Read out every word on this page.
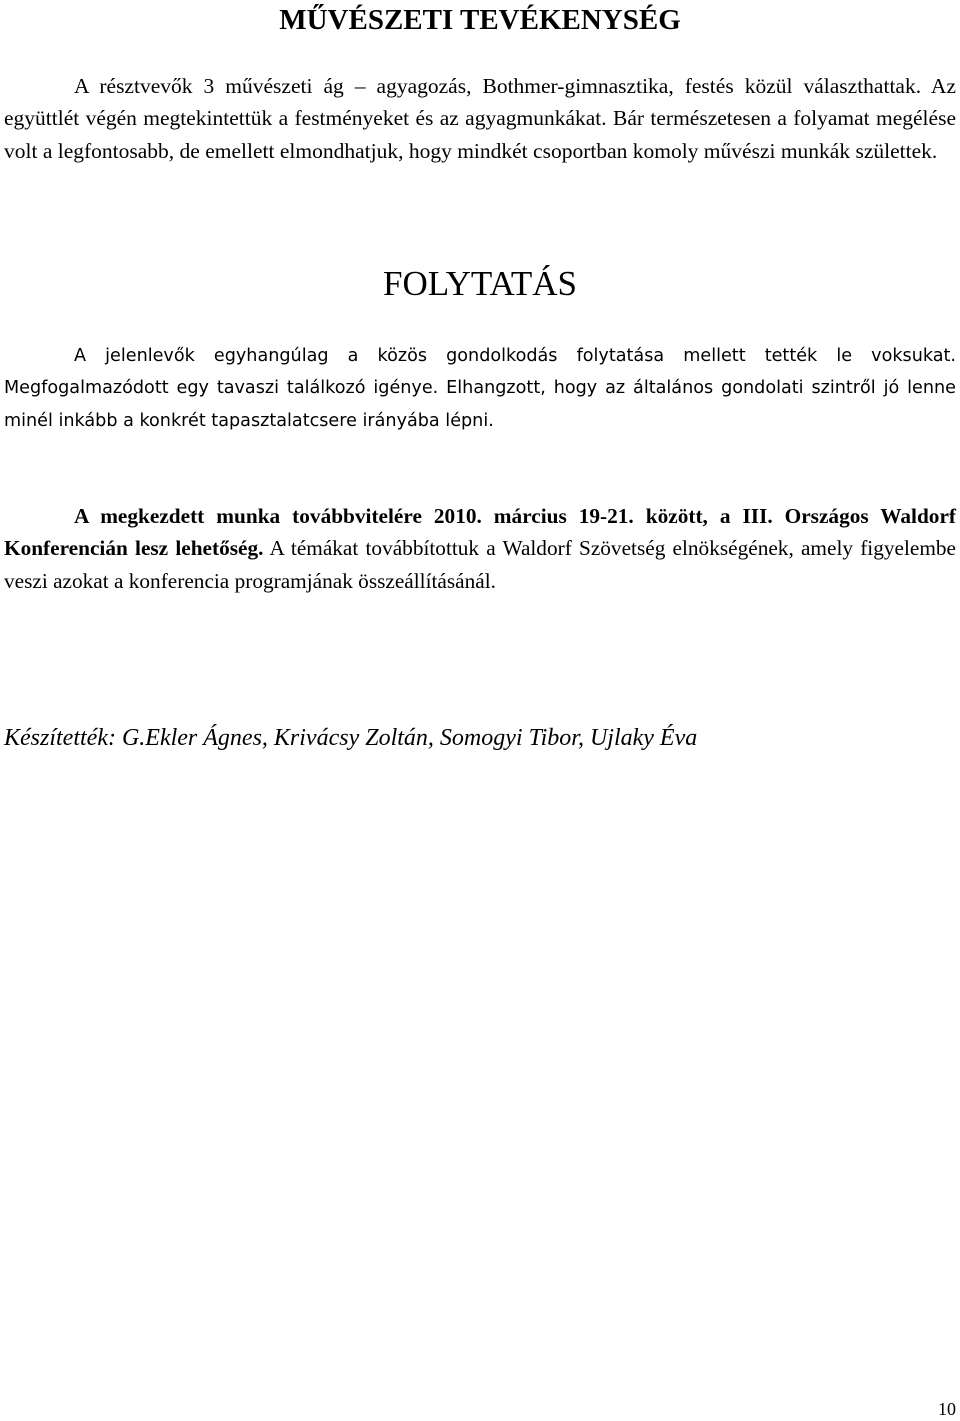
MŰVÉSZETI TEVÉKENYSÉG

A résztvevők 3 művészeti ág – agyagozás, Bothmer-gimnasztika, festés közül választhattak. Az együttlét végén megtekintettük a festményeket és az agyagmunkákat. Bár természetesen a folyamat megélése volt a legfontosabb, de emellett elmondhatjuk, hogy mindkét csoportban komoly művészi munkák születtek.

FOLYTATÁS

A jelenlevők egyhangúlag a közös gondolkodás folytatása mellett tették le voksukat. Megfogalmazódott egy tavaszi találkozó igénye. Elhangzott, hogy az általános gondolati szintről jó lenne minél inkább a konkrét tapasztalatcsere irányába lépni.

A megkezdett munka továbbvitelére 2010. március 19-21. között, a III. Országos Waldorf Konferencián lesz lehetőség. A témákat továbbítottuk a Waldorf Szövetség elnökségének, amely figyelembe veszi azokat a konferencia programjának összeállításánál.

Készítették: G.Ekler Ágnes, Krivácsy Zoltán, Somogyi Tibor, Ujlaky Éva

10
